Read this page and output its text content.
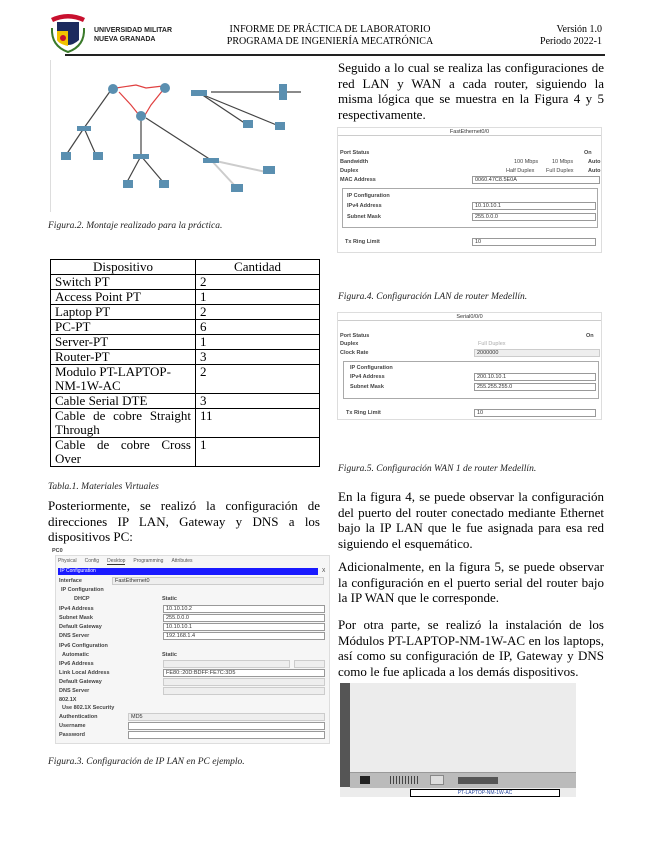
UNIVERSIDAD MILITAR
NUEVA GRANADA
INFORME DE PRÁCTICA DE LABORATORIO
PROGRAMA DE INGENIERÍA MECATRÓNICA
Versión 1.0
Periodo 2022-1
Figura.2. Montaje realizado para la práctica.
Dispositivo	Cantidad
Switch PT	2
Access Point PT	1
Laptop PT	2
PC-PT	6
Server-PT	1
Router-PT	3
Modulo PT-LAPTOP-NM-1W-AC	2
Cable Serial DTE	3
Cable de cobre Straight Through	11
Cable de cobre Cross Over	1
Tabla.1. Materiales Virtuales
Posteriormente, se realizó la configuración de direcciones IP LAN, Gateway y DNS a los dispositivos PC:
PC0
Physical Config Desktop Programming Attributes
IP Configuration	X
Interface	FastEthernet0
IP Configuration
DHCP	Static
IPv4 Address	10.10.10.2
Subnet Mask	255.0.0.0
Default Gateway	10.10.10.1
DNS Server	192.168.1.4
IPv6 Configuration
Automatic	Static
IPv6 Address
Link Local Address	FE80::20D:BDFF:FE7C:3D5
Default Gateway
DNS Server
802.1X
Use 802.1X Security
Authentication	MD5
Username
Password
Figura.3. Configuración de IP LAN en PC ejemplo.
Seguido a lo cual se realiza las configuraciones de red LAN y WAN a cada router, siguiendo la misma lógica que se muestra en la Figura 4 y 5 respectivamente.
FastEthernet0/0
Port Status	On
Bandwidth	100 Mbps	10 Mbps	Auto
Duplex	Half Duplex Full Duplex	Auto
MAC Address	0060.47C8.5E0A
IP Configuration
IPv4 Address	10.10.10.1
Subnet Mask	255.0.0.0
Tx Ring Limit	10
Figura.4. Configuración LAN de router Medellín.
Serial0/0/0
Port Status	On
Duplex	Full Duplex
Clock Rate	2000000
IP Configuration
IPv4 Address	200.10.10.1
Subnet Mask	255.255.255.0
Tx Ring Limit	10
Figura.5. Configuración WAN 1 de router Medellín.
En la figura 4, se puede observar la configuración del puerto del router conectado mediante Ethernet bajo la IP LAN que le fue asignada para esa red siguiendo el esquemático.
Adicionalmente, en la figura 5, se puede observar la configuración en el puerto serial del router bajo la IP WAN que le corresponde.
Por otra parte, se realizó la instalación de los Módulos PT-LAPTOP-NM-1W-AC en los laptops, así como su configuración de IP, Gateway y DNS como le fue aplicada a los demás dispositivos.
PT-LAPTOP-NM-1W-AC
